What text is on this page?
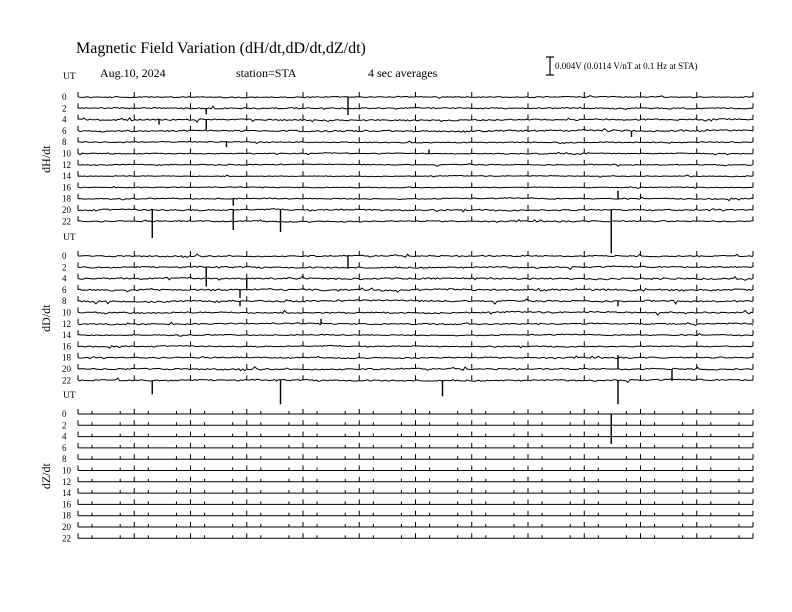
Magnetic Field Variation (dH/dt,dD/dt,dZ/dt)
Aug.10, 2024	station=STA	4 sec averages	0.004V (0.0114 V/nT at 0.1 Hz at STA)
UT
dH/dt
0
2
4
6
8
10
12
14
16
18
20
22
UT
dD/dt
0
2
4
6
8
10
12
14
16
18
20
22
UT
dZ/dt
0
2
4
6
8
10
12
14
16
18
20
22
